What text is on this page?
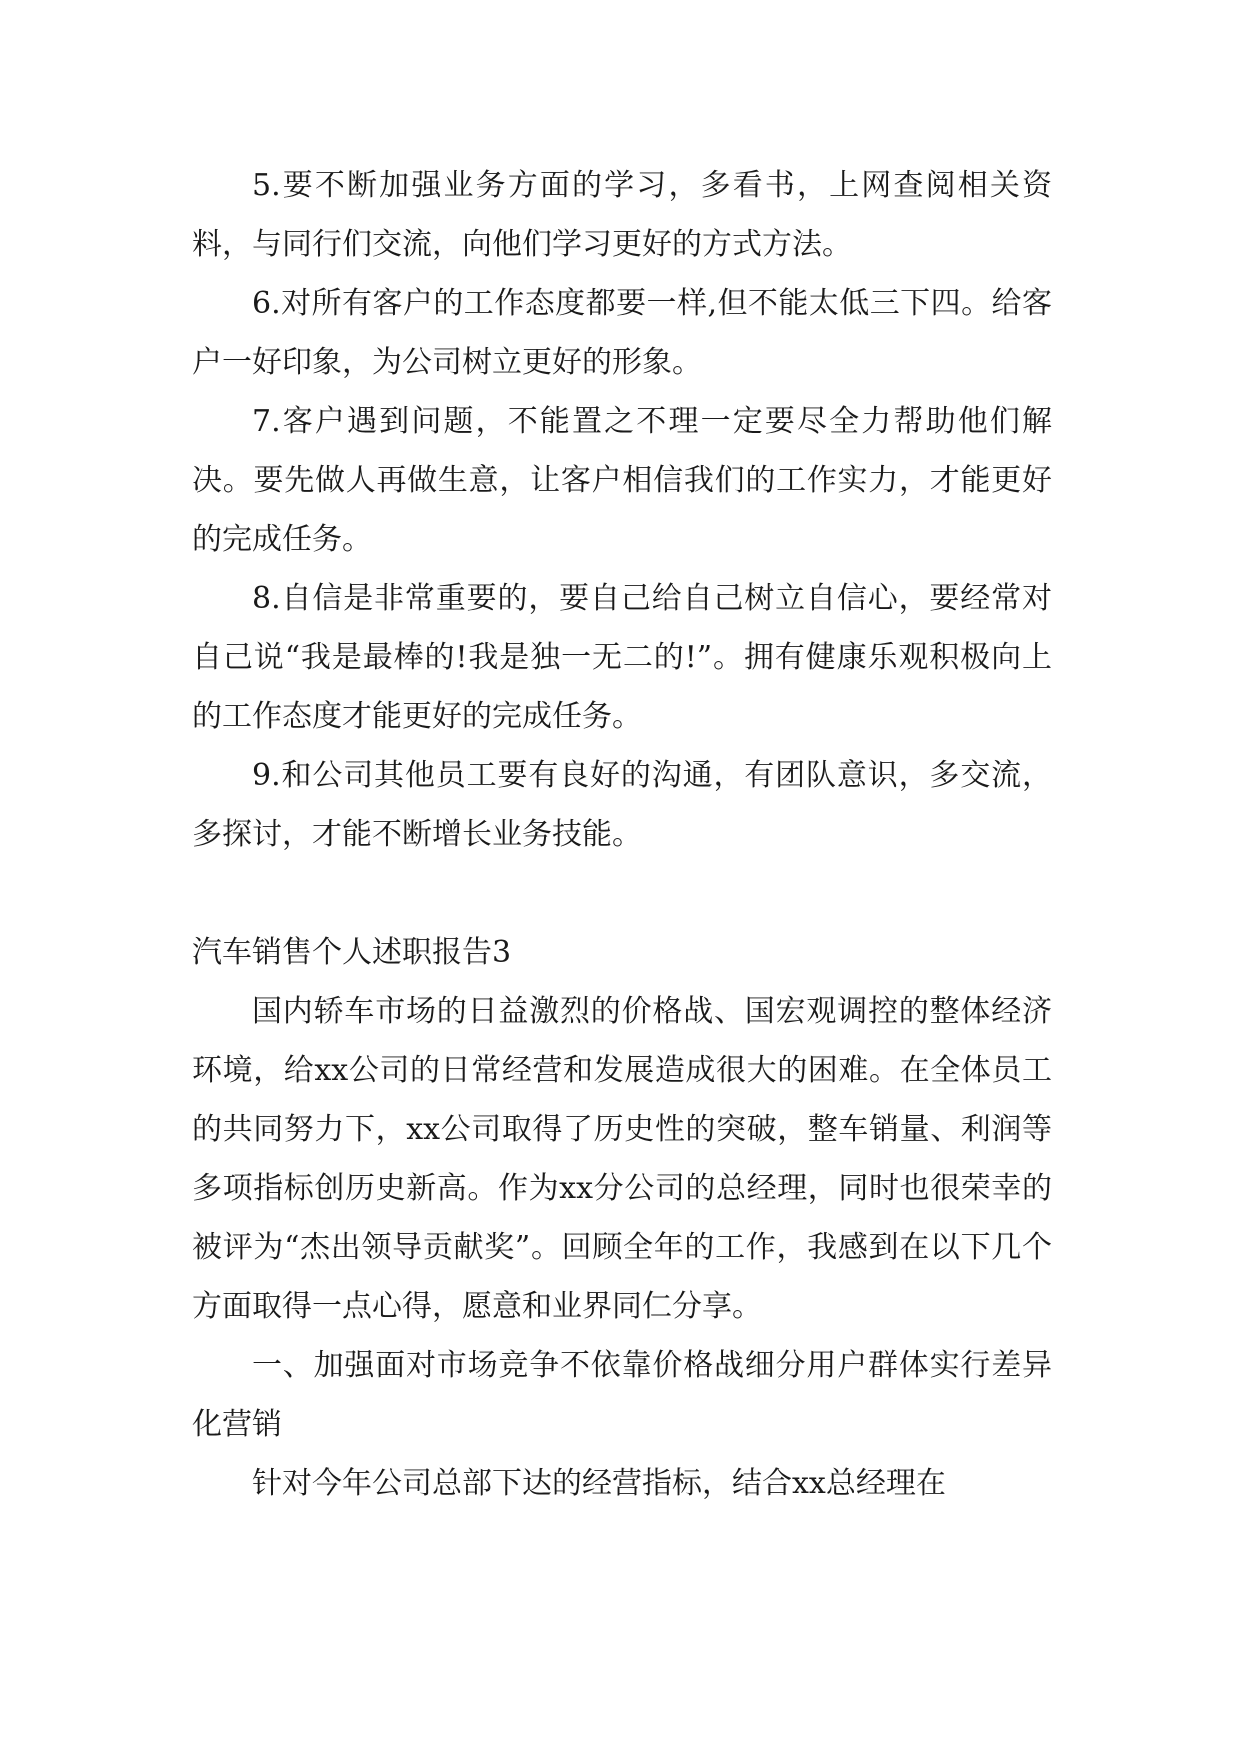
5.要不断加强业务方面的学习，多看书，上网查阅相关资料，与同行们交流，向他们学习更好的方式方法。

6.对所有客户的工作态度都要一样,但不能太低三下四。给客户一好印象，为公司树立更好的形象。

7.客户遇到问题，不能置之不理一定要尽全力帮助他们解决。要先做人再做生意，让客户相信我们的工作实力，才能更好的完成任务。

8.自信是非常重要的，要自己给自己树立自信心，要经常对自己说“我是最棒的!我是独一无二的!”。拥有健康乐观积极向上的工作态度才能更好的完成任务。

9.和公司其他员工要有良好的沟通，有团队意识，多交流，多探讨，才能不断增长业务技能。

汽车销售个人述职报告3

国内轿车市场的日益激烈的价格战、国宏观调控的整体经济环境，给xx公司的日常经营和发展造成很大的困难。在全体员工的共同努力下，xx公司取得了历史性的突破，整车销量、利润等多项指标创历史新高。作为xx分公司的总经理，同时也很荣幸的被评为“杰出领导贡献奖”。回顾全年的工作，我感到在以下几个方面取得一点心得，愿意和业界同仁分享。

一、加强面对市场竞争不依靠价格战细分用户群体实行差异化营销

针对今年公司总部下达的经营指标，结合xx总经理在
